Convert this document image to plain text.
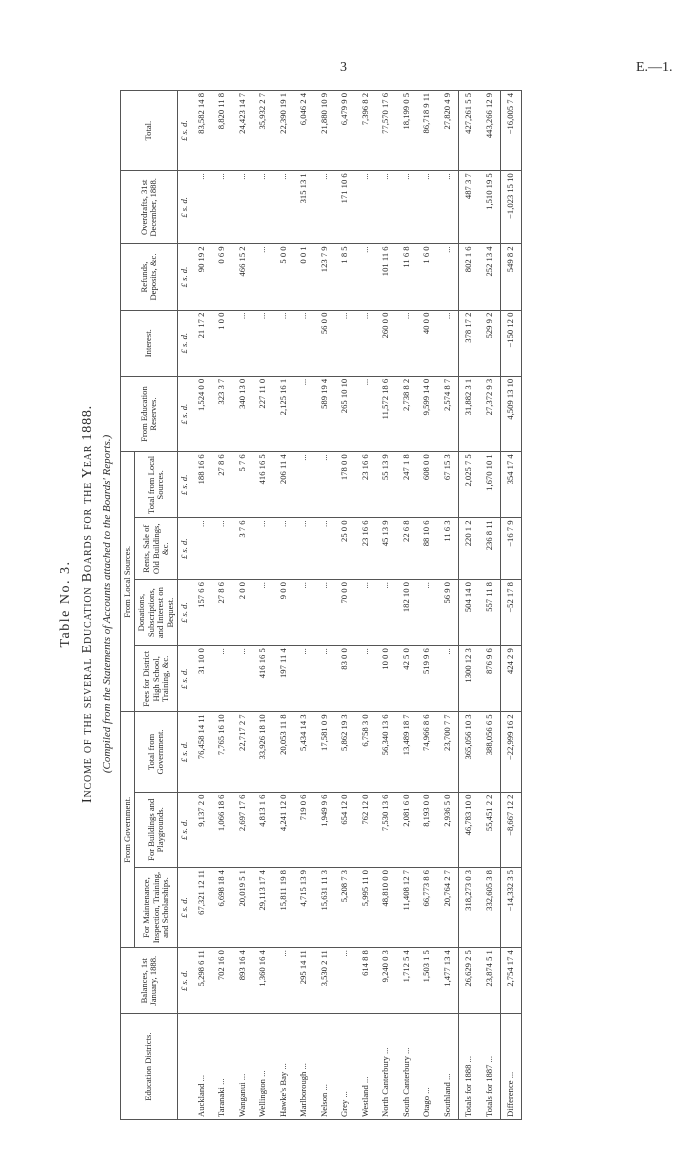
3	E.—1.
Table No. 3. Income of the several Education Boards for the Year 1888. (Compiled from the Statements of Accounts attached to the Boards' Reports.)
Education Districts.	Balances, 1st January, 1888.	From Government.			From Local Sources.				From Education Reserves.	Interest.	Refunds, Deposits, &c.	Overdrafts, 31st December, 1888.	Total.
		For Maintenance, Inspection, Training, and Scholarships.	For Buildings and Playgrounds.	Total from Government.	Fees for District High School, Training, &c.	Donations, Subscriptions, and Interest on Bequest.	Rents, Sale of Old Buildings, &c.	Total from Local Sources.					
	£ s. d.	£ s. d.	£ s. d.	£ s. d.	£ s. d.	£ s. d.	£ s. d.	£ s. d.	£ s. d.	£ s. d.	£ s. d.	£ s. d.	£ s. d.
Auckland ...	5,298 6 11	67,321 12 11	9,137 2 0	76,458 14 11	31 10 0	157 6 6	...	188 16 6	1,524 0 0	21 17 2	90 19 2	...	83,582 14 8
Taranaki ...	702 16 0	6,698 18 4	1,066 18 6	7,765 16 10	...	27 8 6	...	27 8 6	323 3 7	1 0 0	0 6 9	...	8,820 11 8
Wanganui ...	893 16 4	20,019 5 1	2,697 17 6	22,717 2 7	...	2 0 0	3 7 6	5 7 6	340 13 0	...	466 15 2	...	24,423 14 7
Wellington ...	1,360 16 4	29,113 17 4	4,813 1 6	33,926 18 10	416 16 5	...	...	416 16 5	227 11 0	...	...	...	35,932 2 7
Hawke's Bay ...	...	15,811 19 8	4,241 12 0	20,053 11 8	197 11 4	9 0 0	...	206 11 4	2,125 16 1	...	5 0 0	...	22,390 19 1
Marlborough ...	295 14 11	4,715 13 9	719 0 6	5,434 14 3	...	...	...	...	...	...	0 0 1	315 13 1	6,046 2 4
Nelson ...	3,530 2 11	15,631 11 3	1,949 9 6	17,581 0 9	...	...	...	...	589 19 4	56 0 0	123 7 9	...	21,880 10 9
Grey ...	...	5,208 7 3	654 12 0	5,862 19 3	83 0 0	70 0 0	25 0 0	178 0 0	265 10 10	...	1 8 5	171 10 6	6,479 9 0
Westland ...	614 8 8	5,995 11 0	762 12 0	6,758 3 0	...	...	23 16 6	23 16 6	...	...	...	...	7,396 8 2
North Canterbury ...	9,240 0 3	48,810 0 0	7,530 13 6	56,340 13 6	10 0 0	...	45 13 9	55 13 9	11,572 18 6	260 0 0	101 11 6	...	77,570 17 6
South Canterbury ...	1,712 5 4	11,408 12 7	2,081 6 0	13,489 18 7	42 5 0	182 10 0	22 6 8	247 1 8	2,738 8 2	...	11 6 8	...	18,199 0 5
Otago ...	1,503 1 5	66,773 8 6	8,193 0 0	74,966 8 6	519 9 6	...	88 10 6	608 0 0	9,599 14 0	40 0 0	1 6 0	...	86,718 9 11
Southland ...	1,477 13 4	20,764 2 7	2,936 5 0	23,700 7 7	...	56 9 0	11 6 3	67 15 3	2,574 8 7	...	...	...	27,820 4 9
Totals for 1888 ...	26,629 2 5	318,273 0 3	46,783 10 0	365,056 10 3	1300 12 3	504 14 0	220 1 2	2,025 7 5	31,882 3 1	378 17 2	802 1 6	487 3 7	427,261 5 5
Totals for 1887 ...	23,874 5 1	332,605 3 8	55,451 2 2	388,056 6 5	876 9 6	557 11 8	236 8 11	1,670 10 1	27,372 9 3	529 9 2	252 13 4	1,510 19 5	443,266 12 9
Difference ...	2,754 17 4	−14,332 3 5	−8,667 12 2	−22,999 16 2	424 2 9	−52 17 8	−16 7 9	354 17 4	4,509 13 10	−150 12 0	549 8 2	−1,023 15 10	−16,005 7 4
